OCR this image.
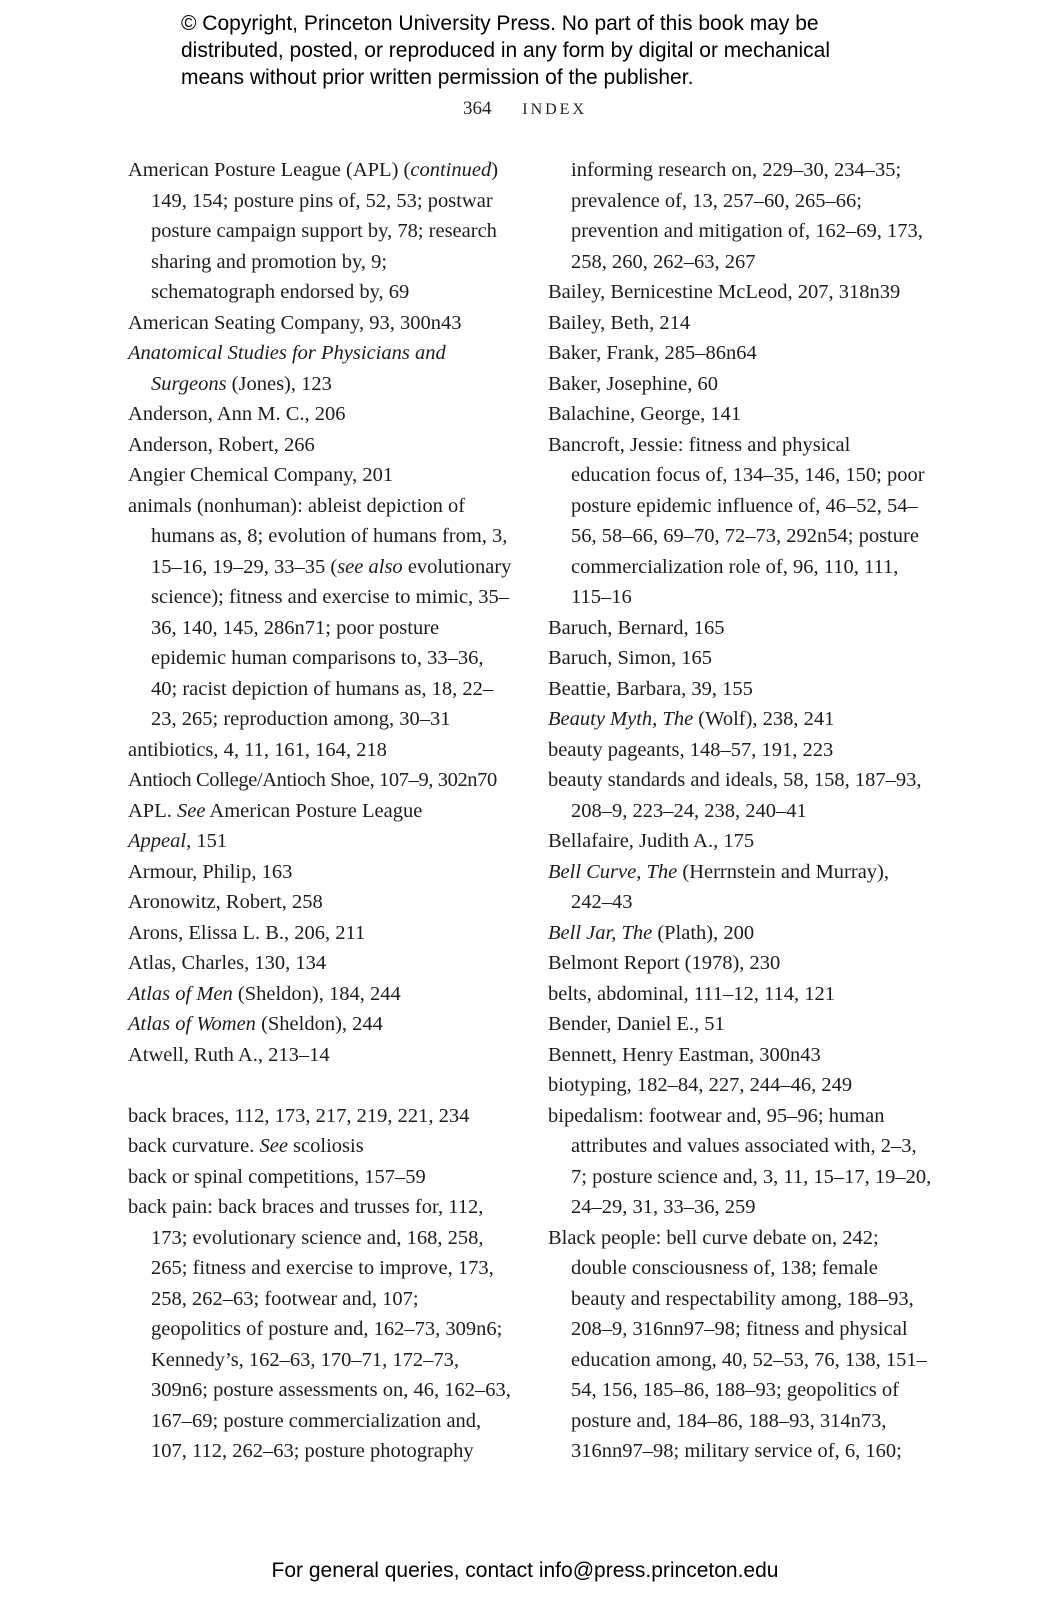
© Copyright, Princeton University Press. No part of this book may be
distributed, posted, or reproduced in any form by digital or mechanical
means without prior written permission of the publisher.
364 INDEX

American Posture League (APL) (continued)

149, 154; posture pins of, 52, 53; postwar posture campaign support by, 78; research sharing and promotion by, 9; schematograph endorsed by, 69

American Seating Company, 93, 300n43

Anatomical Studies for Physicians and Surgeons (Jones), 123

Anderson, Ann M. C., 206

Anderson, Robert, 266

Angier Chemical Company, 201

animals (nonhuman): ableist depiction of humans as, 8; evolution of humans from, 3, 15–16, 19–29, 33–35 (see also evolutionary science); fitness and exercise to mimic, 35–36, 140, 145, 286n71; poor posture epidemic human comparisons to, 33–36, 40; racist depiction of humans as, 18, 22–23, 265; reproduction among, 30–31

antibiotics, 4, 11, 161, 164, 218

Antioch College/Antioch Shoe, 107–9, 302n70

APL. See American Posture League

Appeal, 151

Armour, Philip, 163

Aronowitz, Robert, 258

Arons, Elissa L. B., 206, 211

Atlas, Charles, 130, 134

Atlas of Men (Sheldon), 184, 244

Atlas of Women (Sheldon), 244

Atwell, Ruth A., 213–14

back braces, 112, 173, 217, 219, 221, 234

back curvature. See scoliosis

back or spinal competitions, 157–59

back pain: back braces and trusses for, 112, 173; evolutionary science and, 168, 258, 265; fitness and exercise to improve, 173, 258, 262–63; footwear and, 107; geopolitics of posture and, 162–73, 309n6; Kennedy’s, 162–63, 170–71, 172–73, 309n6; posture assessments on, 46, 162–63, 167–69; posture commercialization and, 107, 112, 262–63; posture photography

informing research on, 229–30, 234–35; prevalence of, 13, 257–60, 265–66; prevention and mitigation of, 162–69, 173, 258, 260, 262–63, 267

Bailey, Bernicestine McLeod, 207, 318n39

Bailey, Beth, 214

Baker, Frank, 285–86n64

Baker, Josephine, 60

Balachine, George, 141

Bancroft, Jessie: fitness and physical education focus of, 134–35, 146, 150; poor posture epidemic influence of, 46–52, 54–56, 58–66, 69–70, 72–73, 292n54; posture commercialization role of, 96, 110, 111, 115–16

Baruch, Bernard, 165

Baruch, Simon, 165

Beattie, Barbara, 39, 155

Beauty Myth, The (Wolf), 238, 241

beauty pageants, 148–57, 191, 223

beauty standards and ideals, 58, 158, 187–93, 208–9, 223–24, 238, 240–41

Bellafaire, Judith A., 175

Bell Curve, The (Herrnstein and Murray), 242–43

Bell Jar, The (Plath), 200

Belmont Report (1978), 230

belts, abdominal, 111–12, 114, 121

Bender, Daniel E., 51

Bennett, Henry Eastman, 300n43

biotyping, 182–84, 227, 244–46, 249

bipedalism: footwear and, 95–96; human attributes and values associated with, 2–3, 7; posture science and, 3, 11, 15–17, 19–20, 24–29, 31, 33–36, 259

Black people: bell curve debate on, 242; double consciousness of, 138; female beauty and respectability among, 188–93, 208–9, 316nn97–98; fitness and physical education among, 40, 52–53, 76, 138, 151–54, 156, 185–86, 188–93; geopolitics of posture and, 184–86, 188–93, 314n73, 316nn97–98; military service of, 6, 160;

For general queries, contact info@press.princeton.edu
